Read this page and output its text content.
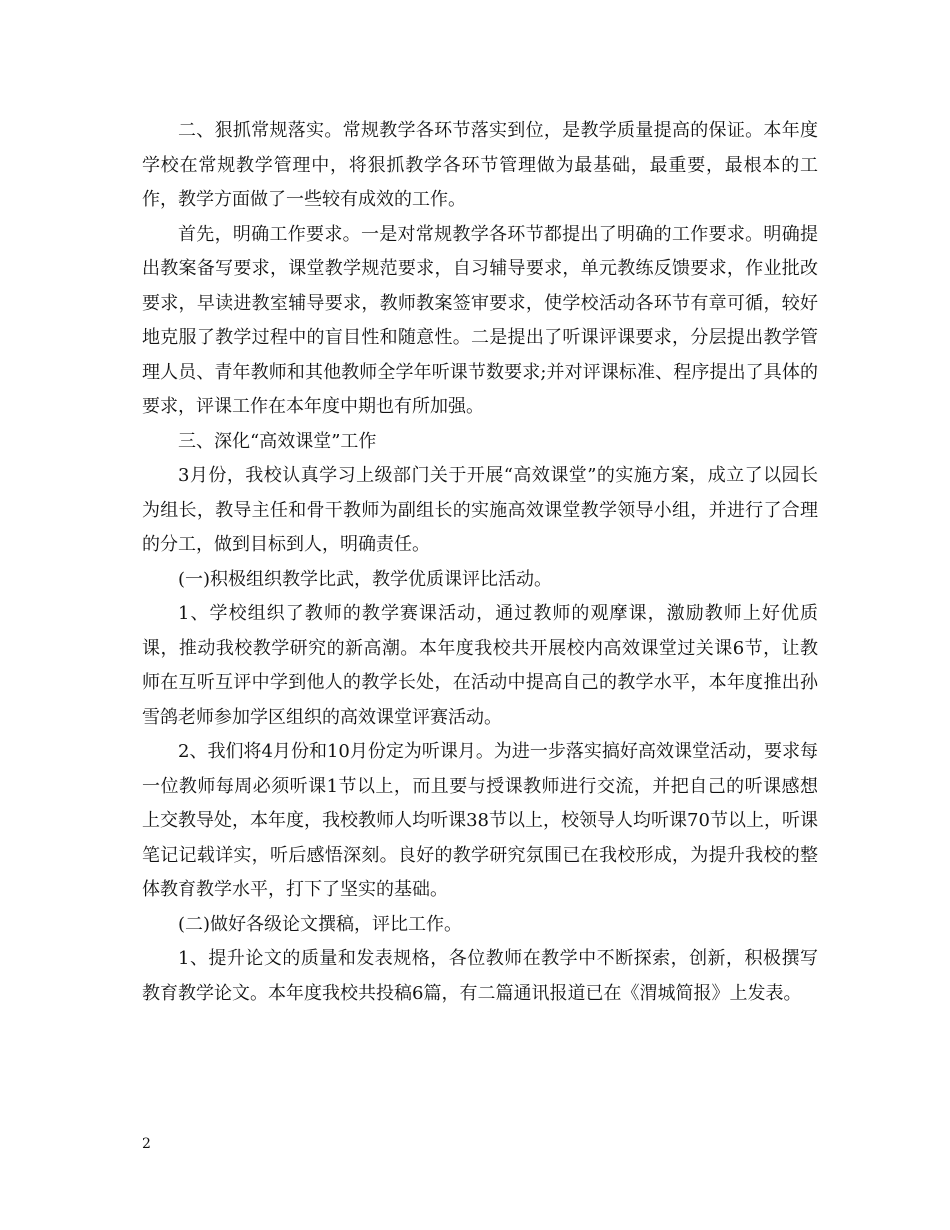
二、狠抓常规落实。常规教学各环节落实到位，是教学质量提高的保证。本年度学校在常规教学管理中，将狠抓教学各环节管理做为最基础，最重要，最根本的工作，教学方面做了一些较有成效的工作。

首先，明确工作要求。一是对常规教学各环节都提出了明确的工作要求。明确提出教案备写要求，课堂教学规范要求，自习辅导要求，单元教练反馈要求，作业批改要求，早读进教室辅导要求，教师教案签审要求，使学校活动各环节有章可循，较好地克服了教学过程中的盲目性和随意性。二是提出了听课评课要求，分层提出教学管理人员、青年教师和其他教师全学年听课节数要求;并对评课标准、程序提出了具体的要求，评课工作在本年度中期也有所加强。

三、深化“高效课堂”工作

3月份，我校认真学习上级部门关于开展“高效课堂”的实施方案，成立了以园长为组长，教导主任和骨干教师为副组长的实施高效课堂教学领导小组，并进行了合理的分工，做到目标到人，明确责任。

(一)积极组织教学比武，教学优质课评比活动。

1、学校组织了教师的教学赛课活动，通过教师的观摩课，激励教师上好优质课，推动我校教学研究的新高潮。本年度我校共开展校内高效课堂过关课6节，让教师在互听互评中学到他人的教学长处，在活动中提高自己的教学水平，本年度推出孙雪鸽老师参加学区组织的高效课堂评赛活动。

2、我们将4月份和10月份定为听课月。为进一步落实搞好高效课堂活动，要求每一位教师每周必须听课1节以上，而且要与授课教师进行交流，并把自己的听课感想上交教导处，本年度，我校教师人均听课38节以上，校领导人均听课70节以上，听课笔记记载详实，听后感悟深刻。良好的教学研究氛围已在我校形成，为提升我校的整体教育教学水平，打下了坚实的基础。

(二)做好各级论文撰稿，评比工作。

1、提升论文的质量和发表规格，各位教师在教学中不断探索，创新，积极撰写教育教学论文。本年度我校共投稿6篇，有二篇通讯报道已在《渭城简报》上发表。

2
